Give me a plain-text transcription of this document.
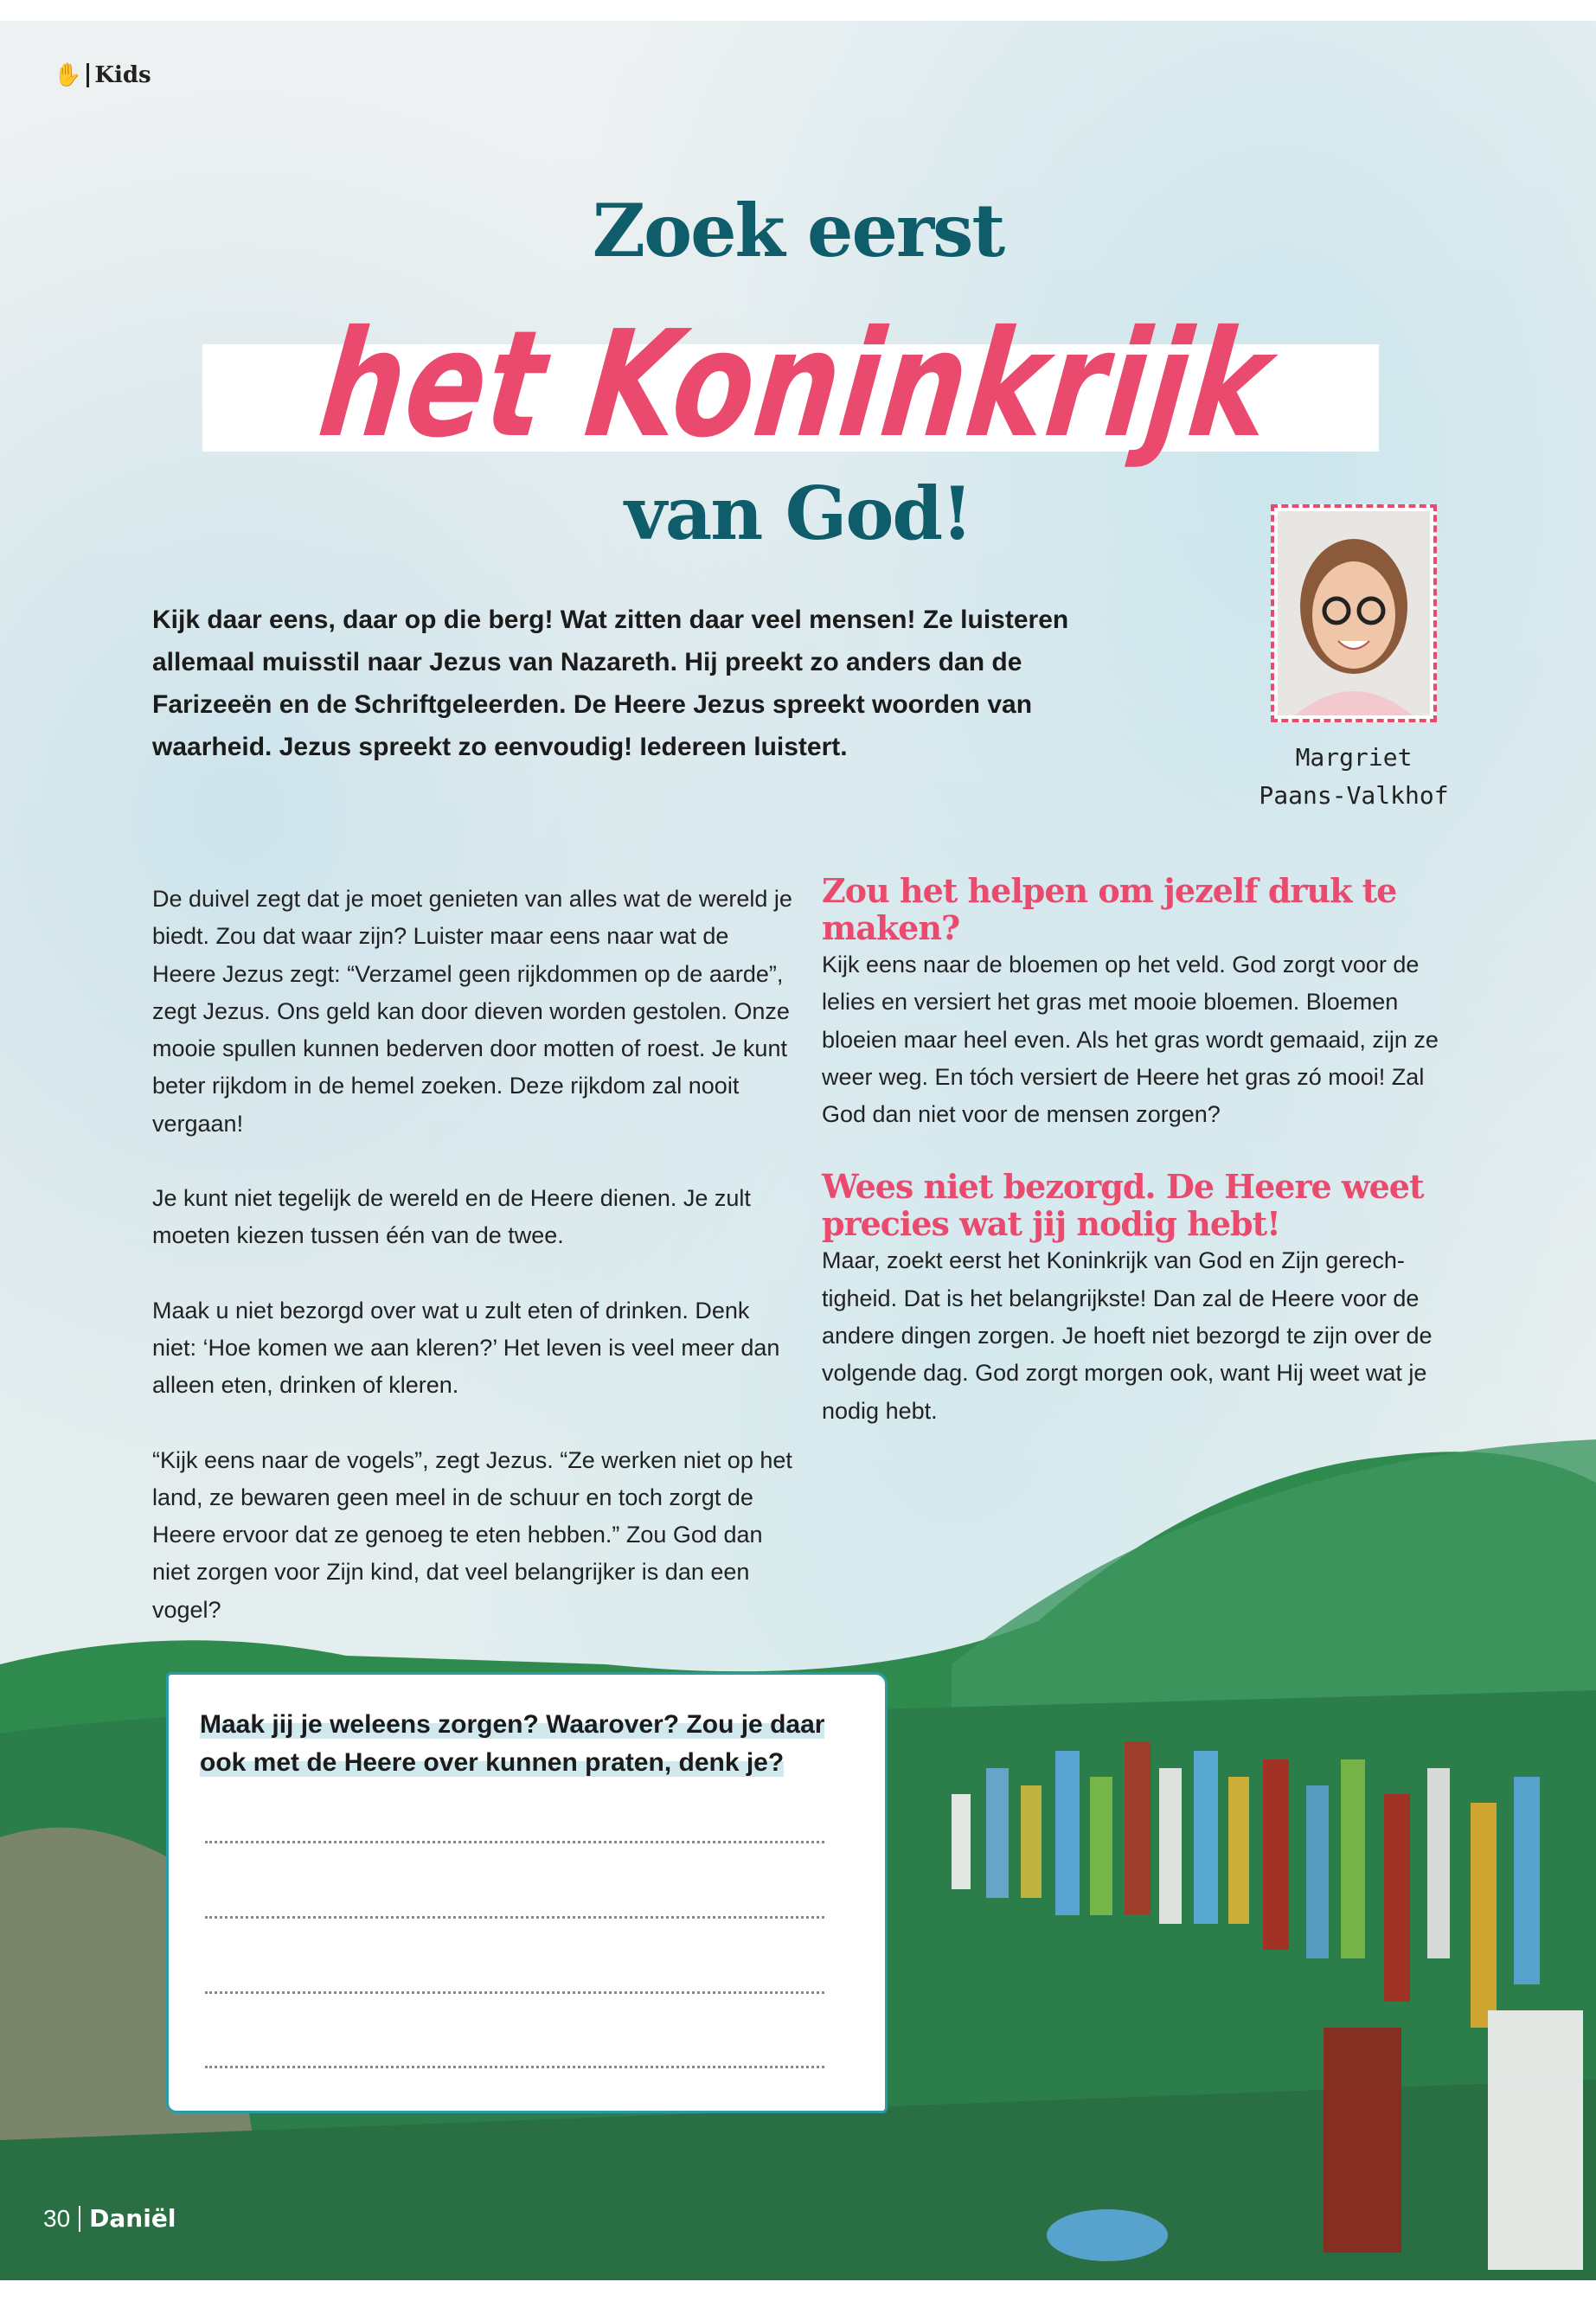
✋ Kids
Zoek eerst
het Koninkrijk
van God!
Margriet
Paans-Valkhof
Kijk daar eens, daar op die berg! Wat zitten daar veel mensen! Ze luisteren allemaal muisstil naar Jezus van Nazareth. Hij preekt zo anders dan de Farizeeën en de Schriftgeleerden. De Heere Jezus spreekt woorden van waarheid. Jezus spreekt zo eenvoudig! Iedereen luistert.

De duivel zegt dat je moet genieten van alles wat de wereld je biedt. Zou dat waar zijn? Luister maar eens naar wat de Heere Jezus zegt: “Verzamel geen rijkdommen op de aarde”, zegt Jezus. Ons geld kan door dieven worden gestolen. Onze mooie spullen kunnen bederven door motten of roest. Je kunt beter rijkdom in de hemel zoeken. Deze rijkdom zal nooit vergaan!

Je kunt niet tegelijk de wereld en de Heere dienen. Je zult moeten kiezen tussen één van de twee.

Maak u niet bezorgd over wat u zult eten of drinken. Denk niet: ‘Hoe komen we aan kleren?’ Het leven is veel meer dan alleen eten, drinken of kleren.

“Kijk eens naar de vogels”, zegt Jezus. “Ze werken niet op het land, ze bewaren geen meel in de schuur en toch zorgt de Heere ervoor dat ze genoeg te eten hebben.” Zou God dan niet zorgen voor Zijn kind, dat veel belangrijker is dan een vogel?

Zou het helpen om jezelf druk te maken?

Kijk eens naar de bloemen op het veld. God zorgt voor de lelies en versiert het gras met mooie bloemen. Bloemen bloeien maar heel even. Als het gras wordt gemaaid, zijn ze weer weg. En tóch versiert de Heere het gras zó mooi! Zal God dan niet voor de mensen zorgen?

Wees niet bezorgd. De Heere weet precies wat jij nodig hebt!

Maar, zoekt eerst het Koninkrijk van God en Zijn gerechtigheid. Dat is het belangrijkste! Dan zal de Heere voor de andere dingen zorgen. Je hoeft niet bezorgd te zijn over de volgende dag. God zorgt morgen ook, want Hij weet wat je nodig hebt.

Maak jij je weleens zorgen? Waarover? Zou je daar ook met de Heere over kunnen praten, denk je?
30 Daniël
